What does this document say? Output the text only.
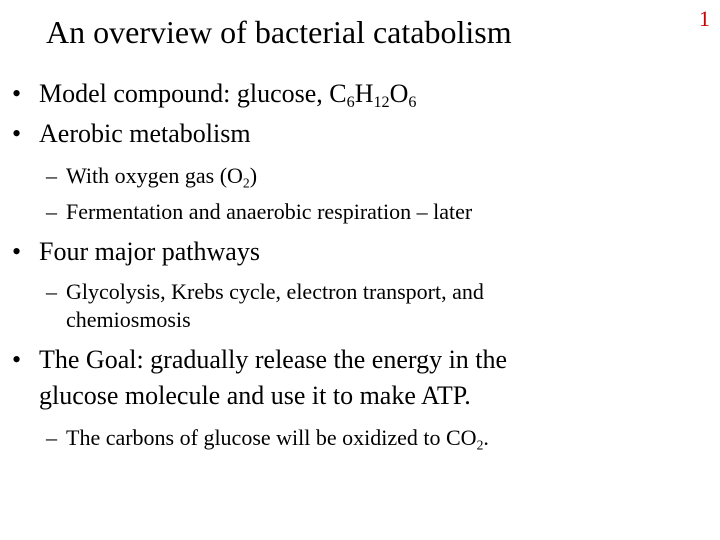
1
An overview of bacterial catabolism
• Model compound: glucose, $C_6H_{12}O_6$
• Aerobic metabolism
– With oxygen gas $(O_2)$
– Fermentation and anaerobic respiration – later
• Four major pathways
– Glycolysis, Krebs cycle, electron transport, and
chemiosmosis
• The Goal: gradually release the energy in the
glucose molecule and use it to make ATP.
– The carbons of glucose will be oxidized to $CO_2$.
